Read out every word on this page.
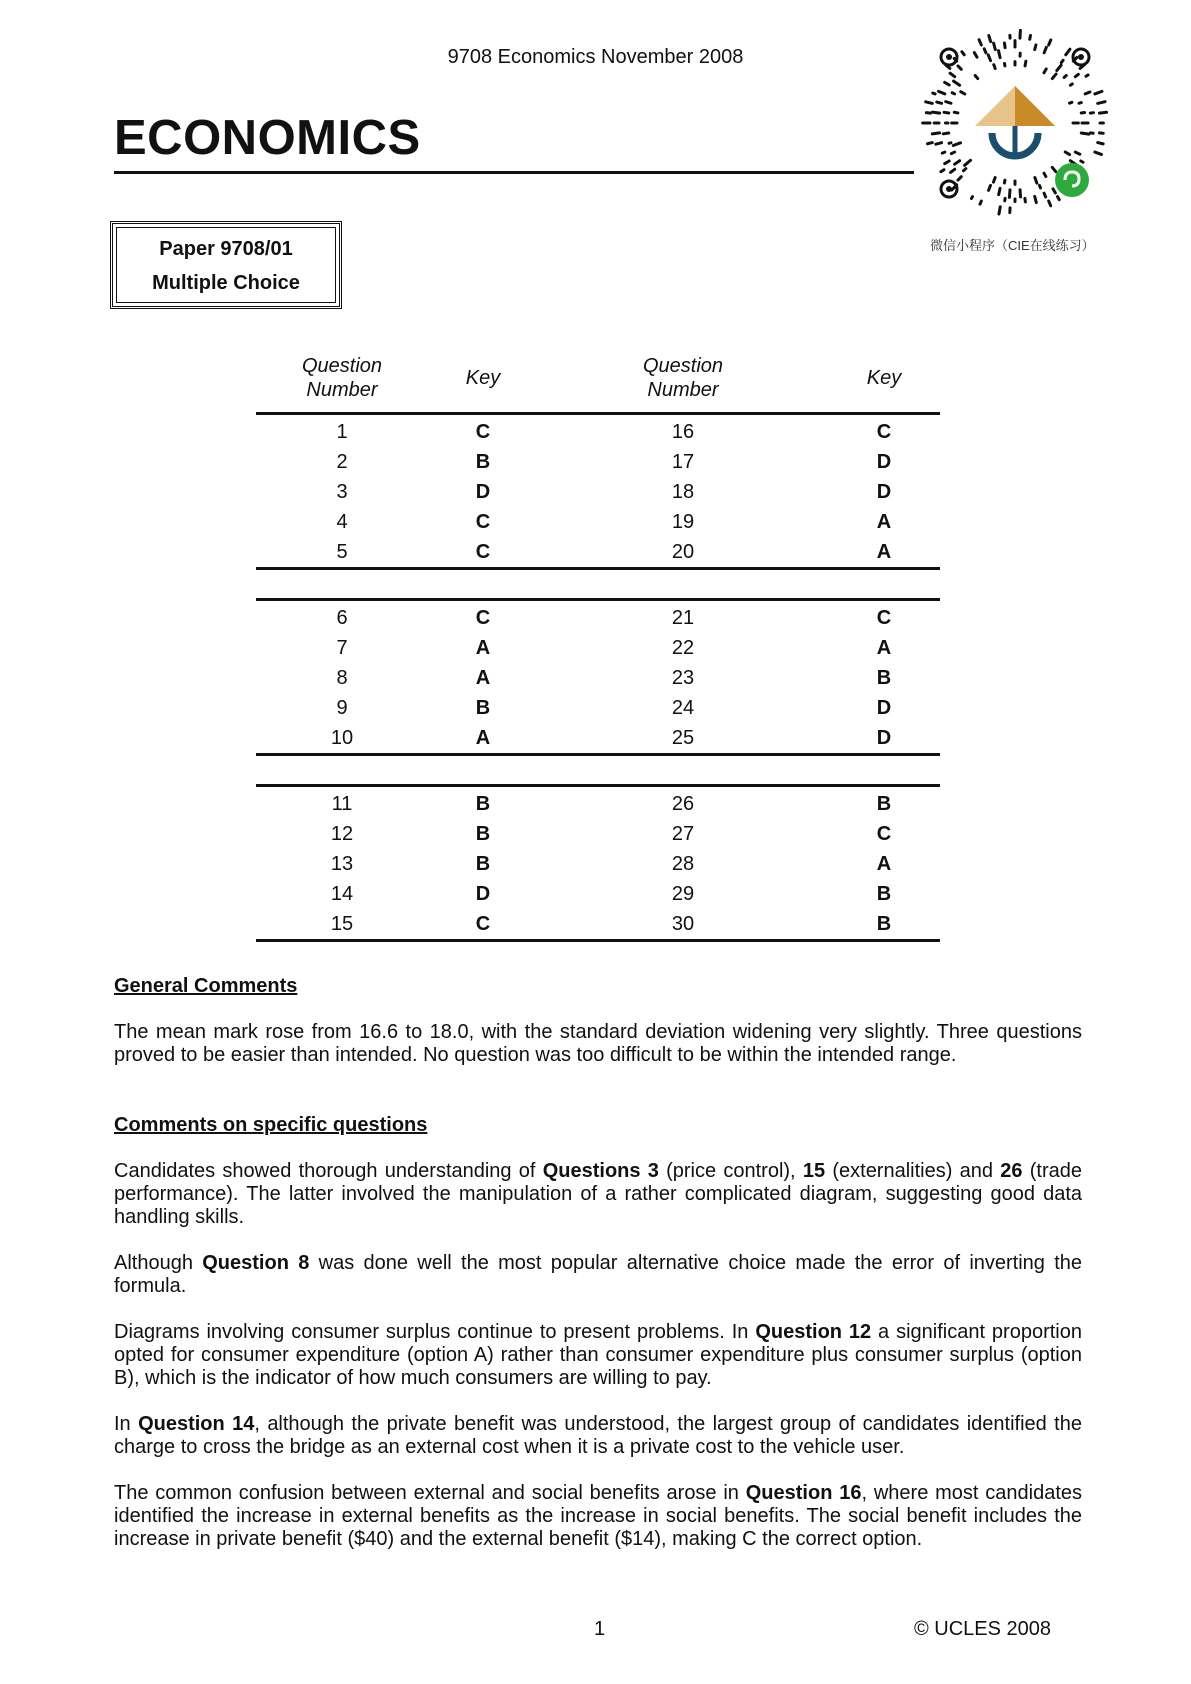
9708 Economics November 2008
ECONOMICS
微信小程序（CIE在线练习）
Paper 9708/01
Multiple Choice
Question
Number	Key	Question
Number	Key
1	C	16	C
2	B	17	D
3	D	18	D
4	C	19	A
5	C	20	A

6	C	21	C
7	A	22	A
8	A	23	B
9	B	24	D
10	A	25	D

11	B	26	B
12	B	27	C
13	B	28	A
14	D	29	B
15	C	30	B
General Comments
The mean mark rose from 16.6 to 18.0, with the standard deviation widening very slightly. Three questions proved to be easier than intended. No question was too difficult to be within the intended range.
Comments on specific questions
Candidates showed thorough understanding of Questions 3 (price control), 15 (externalities) and 26 (trade performance). The latter involved the manipulation of a rather complicated diagram, suggesting good data handling skills.
Although Question 8 was done well the most popular alternative choice made the error of inverting the formula.
Diagrams involving consumer surplus continue to present problems. In Question 12 a significant proportion opted for consumer expenditure (option A) rather than consumer expenditure plus consumer surplus (option B), which is the indicator of how much consumers are willing to pay.
In Question 14, although the private benefit was understood, the largest group of candidates identified the charge to cross the bridge as an external cost when it is a private cost to the vehicle user.
The common confusion between external and social benefits arose in Question 16, where most candidates identified the increase in external benefits as the increase in social benefits. The social benefit includes the increase in private benefit ($40) and the external benefit ($14), making C the correct option.
1	© UCLES 2008
